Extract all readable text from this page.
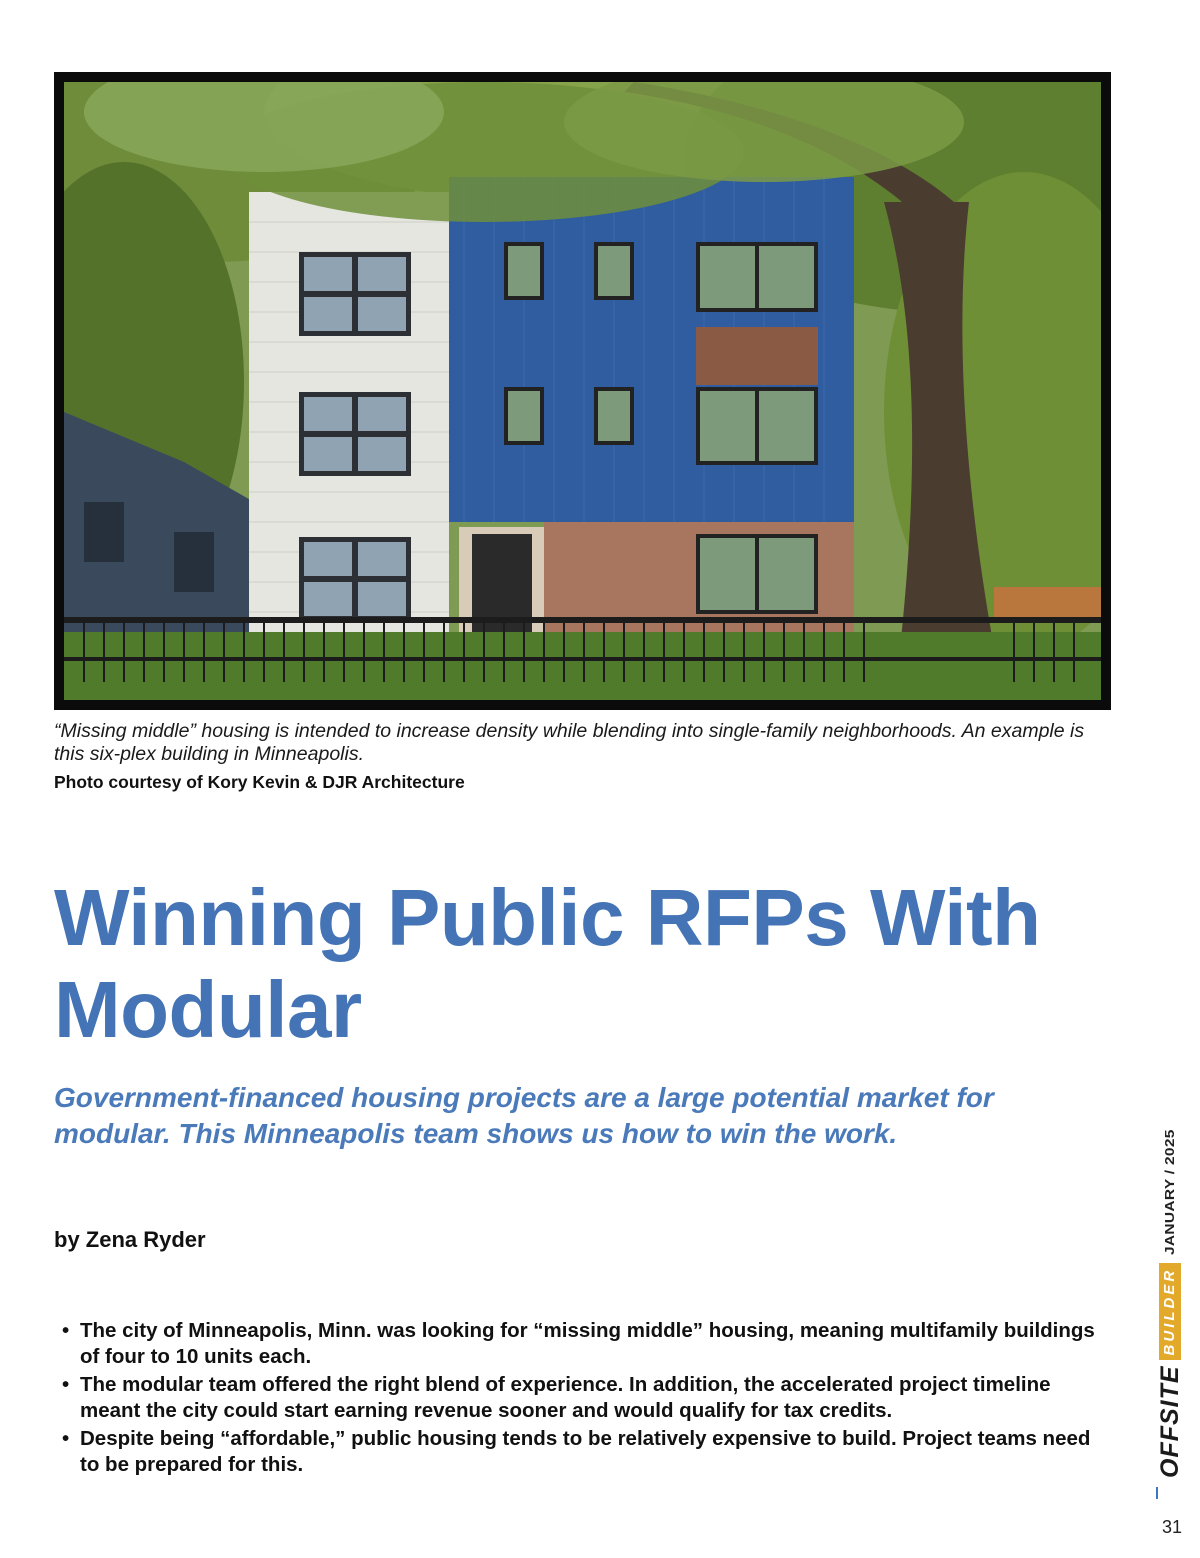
“Missing middle” housing is intended to increase density while blending into single-family neighborhoods. An example is this six-plex building in Minneapolis.

Photo courtesy of Kory Kevin & DJR Architecture

Winning Public RFPs With
Modular

Government-financed housing projects are a large potential market for modular. This Minneapolis team shows us how to win the work.

by Zena Ryder

• The city of Minneapolis, Minn. was looking for “missing middle” housing, meaning multifamily buildings of four to 10 units each.
• The modular team offered the right blend of experience. In addition, the accelerated project timeline meant the city could start earning revenue sooner and would qualify for tax credits.
• Despite being “affordable,” public housing tends to be relatively expensive to build. Project teams need to be prepared for this.
JANUARY / 2025
OFFSITE
BUILDER

31
